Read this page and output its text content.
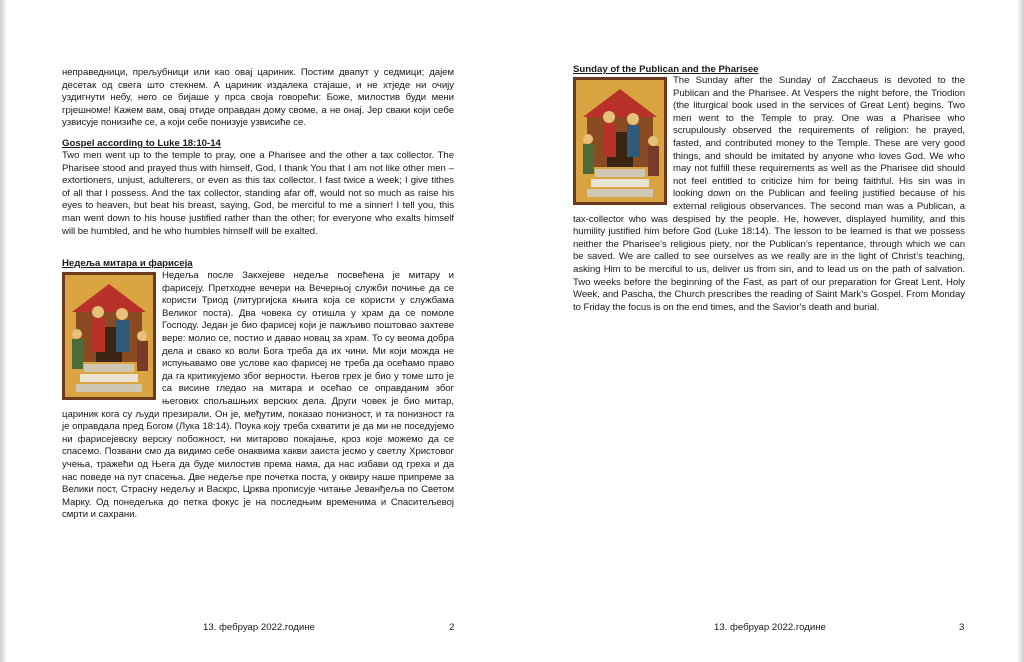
неправедници, прељубници или као овај цариник. Постим двапут у седмици; дајем десетак од свега што стекнем. А цариник издалека стајаше, и не хтједе ни очију уздигнути небу, него се бијаше у прса своја говорећи: Боже, милостив буди мени грјешноме! Кажем вам, овај отиде оправдан дому своме, а не онај. Јер сваки који себе узвисује понизиће се, а који себе понизује узвисиће се.

Gospel according to Luke 18:10-14

Two men went up to the temple to pray, one a Pharisee and the other a tax collector. The Pharisee stood and prayed thus with himself, God, I thank You that I am not like other men – extortioners, unjust, adulterers, or even as this tax collector. I fast twice a week; I give tithes of all that I possess. And the tax collector, standing afar off, would not so much as raise his eyes to heaven, but beat his breast, saying, God, be merciful to me a sinner! I tell you, this man went down to his house justified rather than the other; for everyone who exalts himself will be humbled, and he who humbles himself will be exalted.

Недеља митара и фарисеја

Недеља после Закхејеве недеље посвећена је митару и фарисеју. Претходне вечери на Вечерњој служби почиње да се користи Триод (литургијска књига која се користи у службама Великог поста). Два човека су отишла у храм да се помоле Господу. Један је био фарисеј који је пажљиво поштовао захтеве вере: молио се, постио и давао новац за храм. То су веома добра дела и свако ко воли Бога треба да их чини. Ми који можда не испуњавамо ове услове као фарисеј не треба да осећамо право да га критикујемо због верности. Његов грех је био у томе што је са висине гледао на митара и осећао се оправданим због његових спољашњих верских дела. Други човек је био митар, цариник кога су људи презирали. Он је, међутим, показао понизност, и та понизност га је оправдала пред Богом (Лука 18:14). Поука коју треба схватити је да ми не поседујемо ни фарисејевску верску побожност, ни митарово покајање, кроз које можемо да се спасемо. Позвани смо да видимо себе онаквима какви заиста јесмо у светлу Христовог учења, тражећи од Њега да буде милостив према нама, да нас избави од греха и да нас поведе на пут спасења. Две недеље пре почетка поста, у оквиру наше припреме за Велики пост, Страсну недељу и Васкрс, Црква прописује читање Јеванђеља по Светом Марку. Од понедељка до петка фокус је на последњим временима и Спаситељевој смрти и сахрани.
13. фебруар 2022.године	2

Sunday of the Publican and the Pharisee

The Sunday after the Sunday of Zacchaeus is devoted to the Publican and the Pharisee. At Vespers the night before, the Triodion (the liturgical book used in the services of Great Lent) begins. Two men went to the Temple to pray. One was a Pharisee who scrupulously observed the requirements of religion: he prayed, fasted, and contributed money to the Temple. These are very good things, and should be imitated by anyone who loves God. We who may not fulfill these requirements as well as the Pharisee did should not feel entitled to criticize him for being faithful. His sin was in looking down on the Publican and feeling justified because of his external religious observances. The second man was a Publican, a tax-collector who was despised by the people. He, however, displayed humility, and this humility justified him before God (Luke 18:14). The lesson to be learned is that we possess neither the Pharisee’s religious piety, nor the Publican’s repentance, through which we can be saved. We are called to see ourselves as we really are in the light of Christ’s teaching, asking Him to be merciful to us, deliver us from sin, and to lead us on the path of salvation. Two weeks before the beginning of the Fast, as part of our preparation for Great Lent, Holy Week, and Pascha, the Church prescribes the reading of Saint Mark’s Gospel. From Monday to Friday the focus is on the end times, and the Savior's death and burial.
13. фебруар 2022.године	3
